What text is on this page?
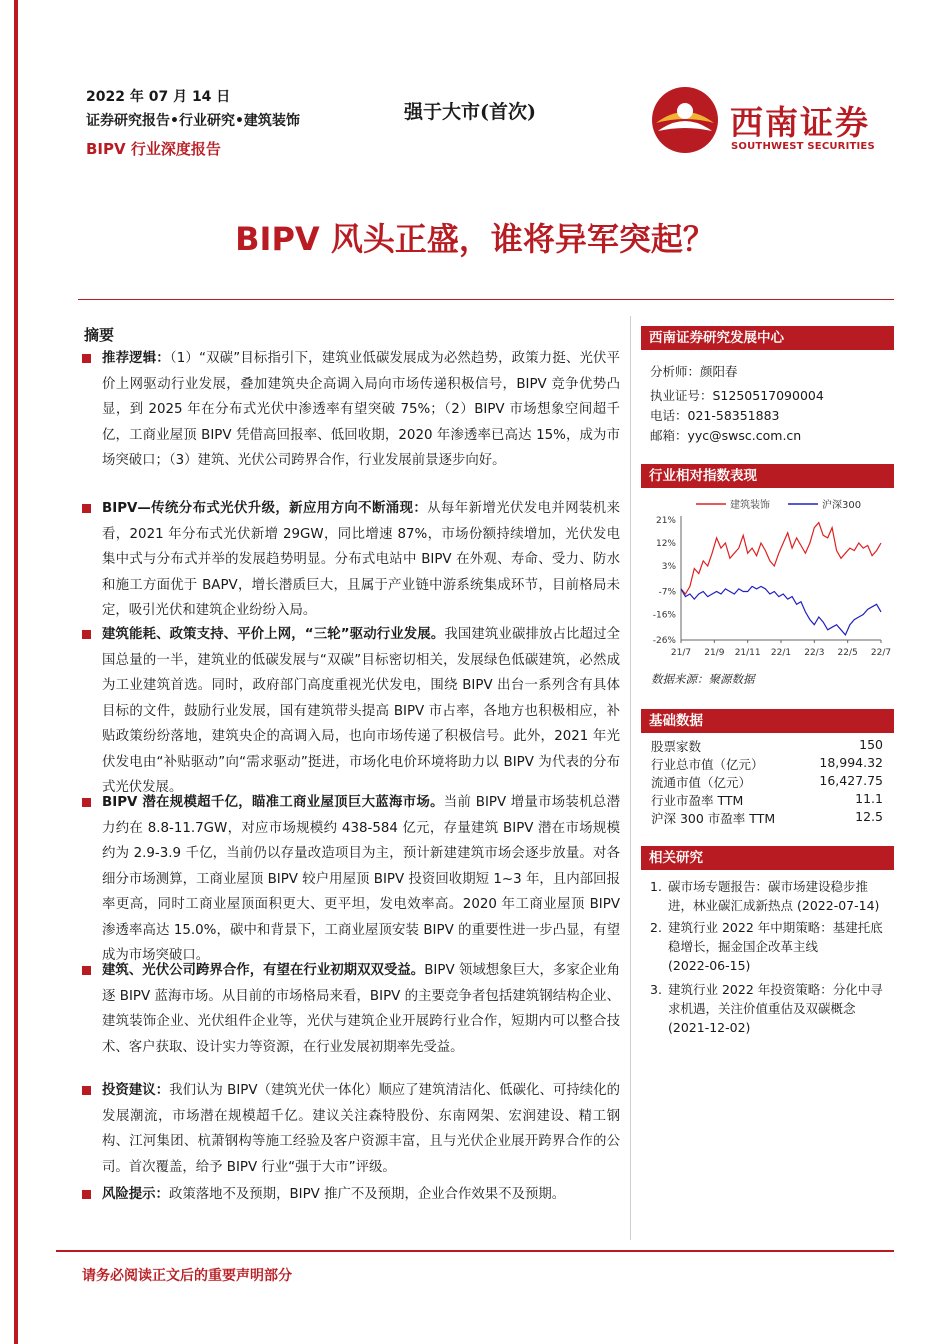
2022 年 07 月 14 日
证券研究报告•行业研究•建筑装饰
BIPV 行业深度报告
强于大市(首次)	西南证券
SOUTHWEST SECURITIES
BIPV 风头正盛，谁将异军突起？
摘要
推荐逻辑：（1）“双碳”目标指引下，建筑业低碳发展成为必然趋势，政策力挺、光伏平价上网驱动行业发展，叠加建筑央企高调入局向市场传递积极信号，BIPV 竞争优势凸显，到 2025 年在分布式光伏中渗透率有望突破 75%；（2）BIPV 市场想象空间超千亿，工商业屋顶 BIPV 凭借高回报率、低回收期，2020 年渗透率已高达 15%，成为市场突破口；（3）建筑、光伏公司跨界合作，行业发展前景逐步向好。
BIPV—传统分布式光伏升级，新应用方向不断涌现：从每年新增光伏发电并网装机来看，2021 年分布式光伏新增 29GW，同比增速 87%，市场份额持续增加，光伏发电集中式与分布式并举的发展趋势明显。分布式电站中 BIPV 在外观、寿命、受力、防水和施工方面优于 BAPV，增长潜质巨大，且属于产业链中游系统集成环节，目前格局未定，吸引光伏和建筑企业纷纷入局。
建筑能耗、政策支持、平价上网，“三轮”驱动行业发展。我国建筑业碳排放占比超过全国总量的一半，建筑业的低碳发展与“双碳”目标密切相关，发展绿色低碳建筑，必然成为工业建筑首选。同时，政府部门高度重视光伏发电，围绕 BIPV 出台一系列含有具体目标的文件，鼓励行业发展，国有建筑带头提高 BIPV 市占率，各地方也积极相应，补贴政策纷纷落地，建筑央企的高调入局，也向市场传递了积极信号。此外，2021 年光伏发电由“补贴驱动”向“需求驱动”挺进，市场化电价环境将助力以 BIPV 为代表的分布式光伏发展。
BIPV 潜在规模超千亿，瞄准工商业屋顶巨大蓝海市场。当前 BIPV 增量市场装机总潜力约在 8.8-11.7GW，对应市场规模约 438-584 亿元，存量建筑 BIPV 潜在市场规模约为 2.9-3.9 千亿，当前仍以存量改造项目为主，预计新建建筑市场会逐步放量。对各细分市场测算，工商业屋顶 BIPV 较户用屋顶 BIPV 投资回收期短 1~3 年，且内部回报率更高，同时工商业屋顶面积更大、更平坦，发电效率高。2020 年工商业屋顶 BIPV 渗透率高达 15.0%，碳中和背景下，工商业屋顶安装 BIPV 的重要性进一步凸显，有望成为市场突破口。
建筑、光伏公司跨界合作，有望在行业初期双双受益。BIPV 领域想象巨大，多家企业角逐 BIPV 蓝海市场。从目前的市场格局来看，BIPV 的主要竞争者包括建筑钢结构企业、建筑装饰企业、光伏组件企业等，光伏与建筑企业开展跨行业合作，短期内可以整合技术、客户获取、设计实力等资源，在行业发展初期率先受益。
投资建议：我们认为 BIPV（建筑光伏一体化）顺应了建筑清洁化、低碳化、可持续化的发展潮流，市场潜在规模超千亿。建议关注森特股份、东南网架、宏润建设、精工钢构、江河集团、杭萧钢构等施工经验及客户资源丰富，且与光伏企业展开跨界合作的公司。首次覆盖，给予 BIPV 行业“强于大市”评级。
风险提示：政策落地不及预期，BIPV 推广不及预期，企业合作效果不及预期。
西南证券研究发展中心
分析师：颜阳春
执业证号：S1250517090004
电话：021-58351883
邮箱：yyc@swsc.com.cn
行业相对指数表现
21%
12%
3%
-7%
-16%
-26%
21/7 21/9 21/11 22/1 22/3 22/5 22/7
建筑装饰	沪深300
数据来源：聚源数据
基础数据
股票家数	150
行业总市值（亿元）	18,994.32
流通市值（亿元）	16,427.75
行业市盈率 TTM	11.1
沪深 300 市盈率 TTM	12.5
相关研究
1. 碳市场专题报告：碳市场建设稳步推进，林业碳汇成新热点 (2022-07-14)
2. 建筑行业 2022 年中期策略：基建托底稳增长，掘金国企改革主线
(2022-06-15)
3. 建筑行业 2022 年投资策略：分化中寻求机遇，关注价值重估及双碳概念
(2021-12-02)
请务必阅读正文后的重要声明部分
